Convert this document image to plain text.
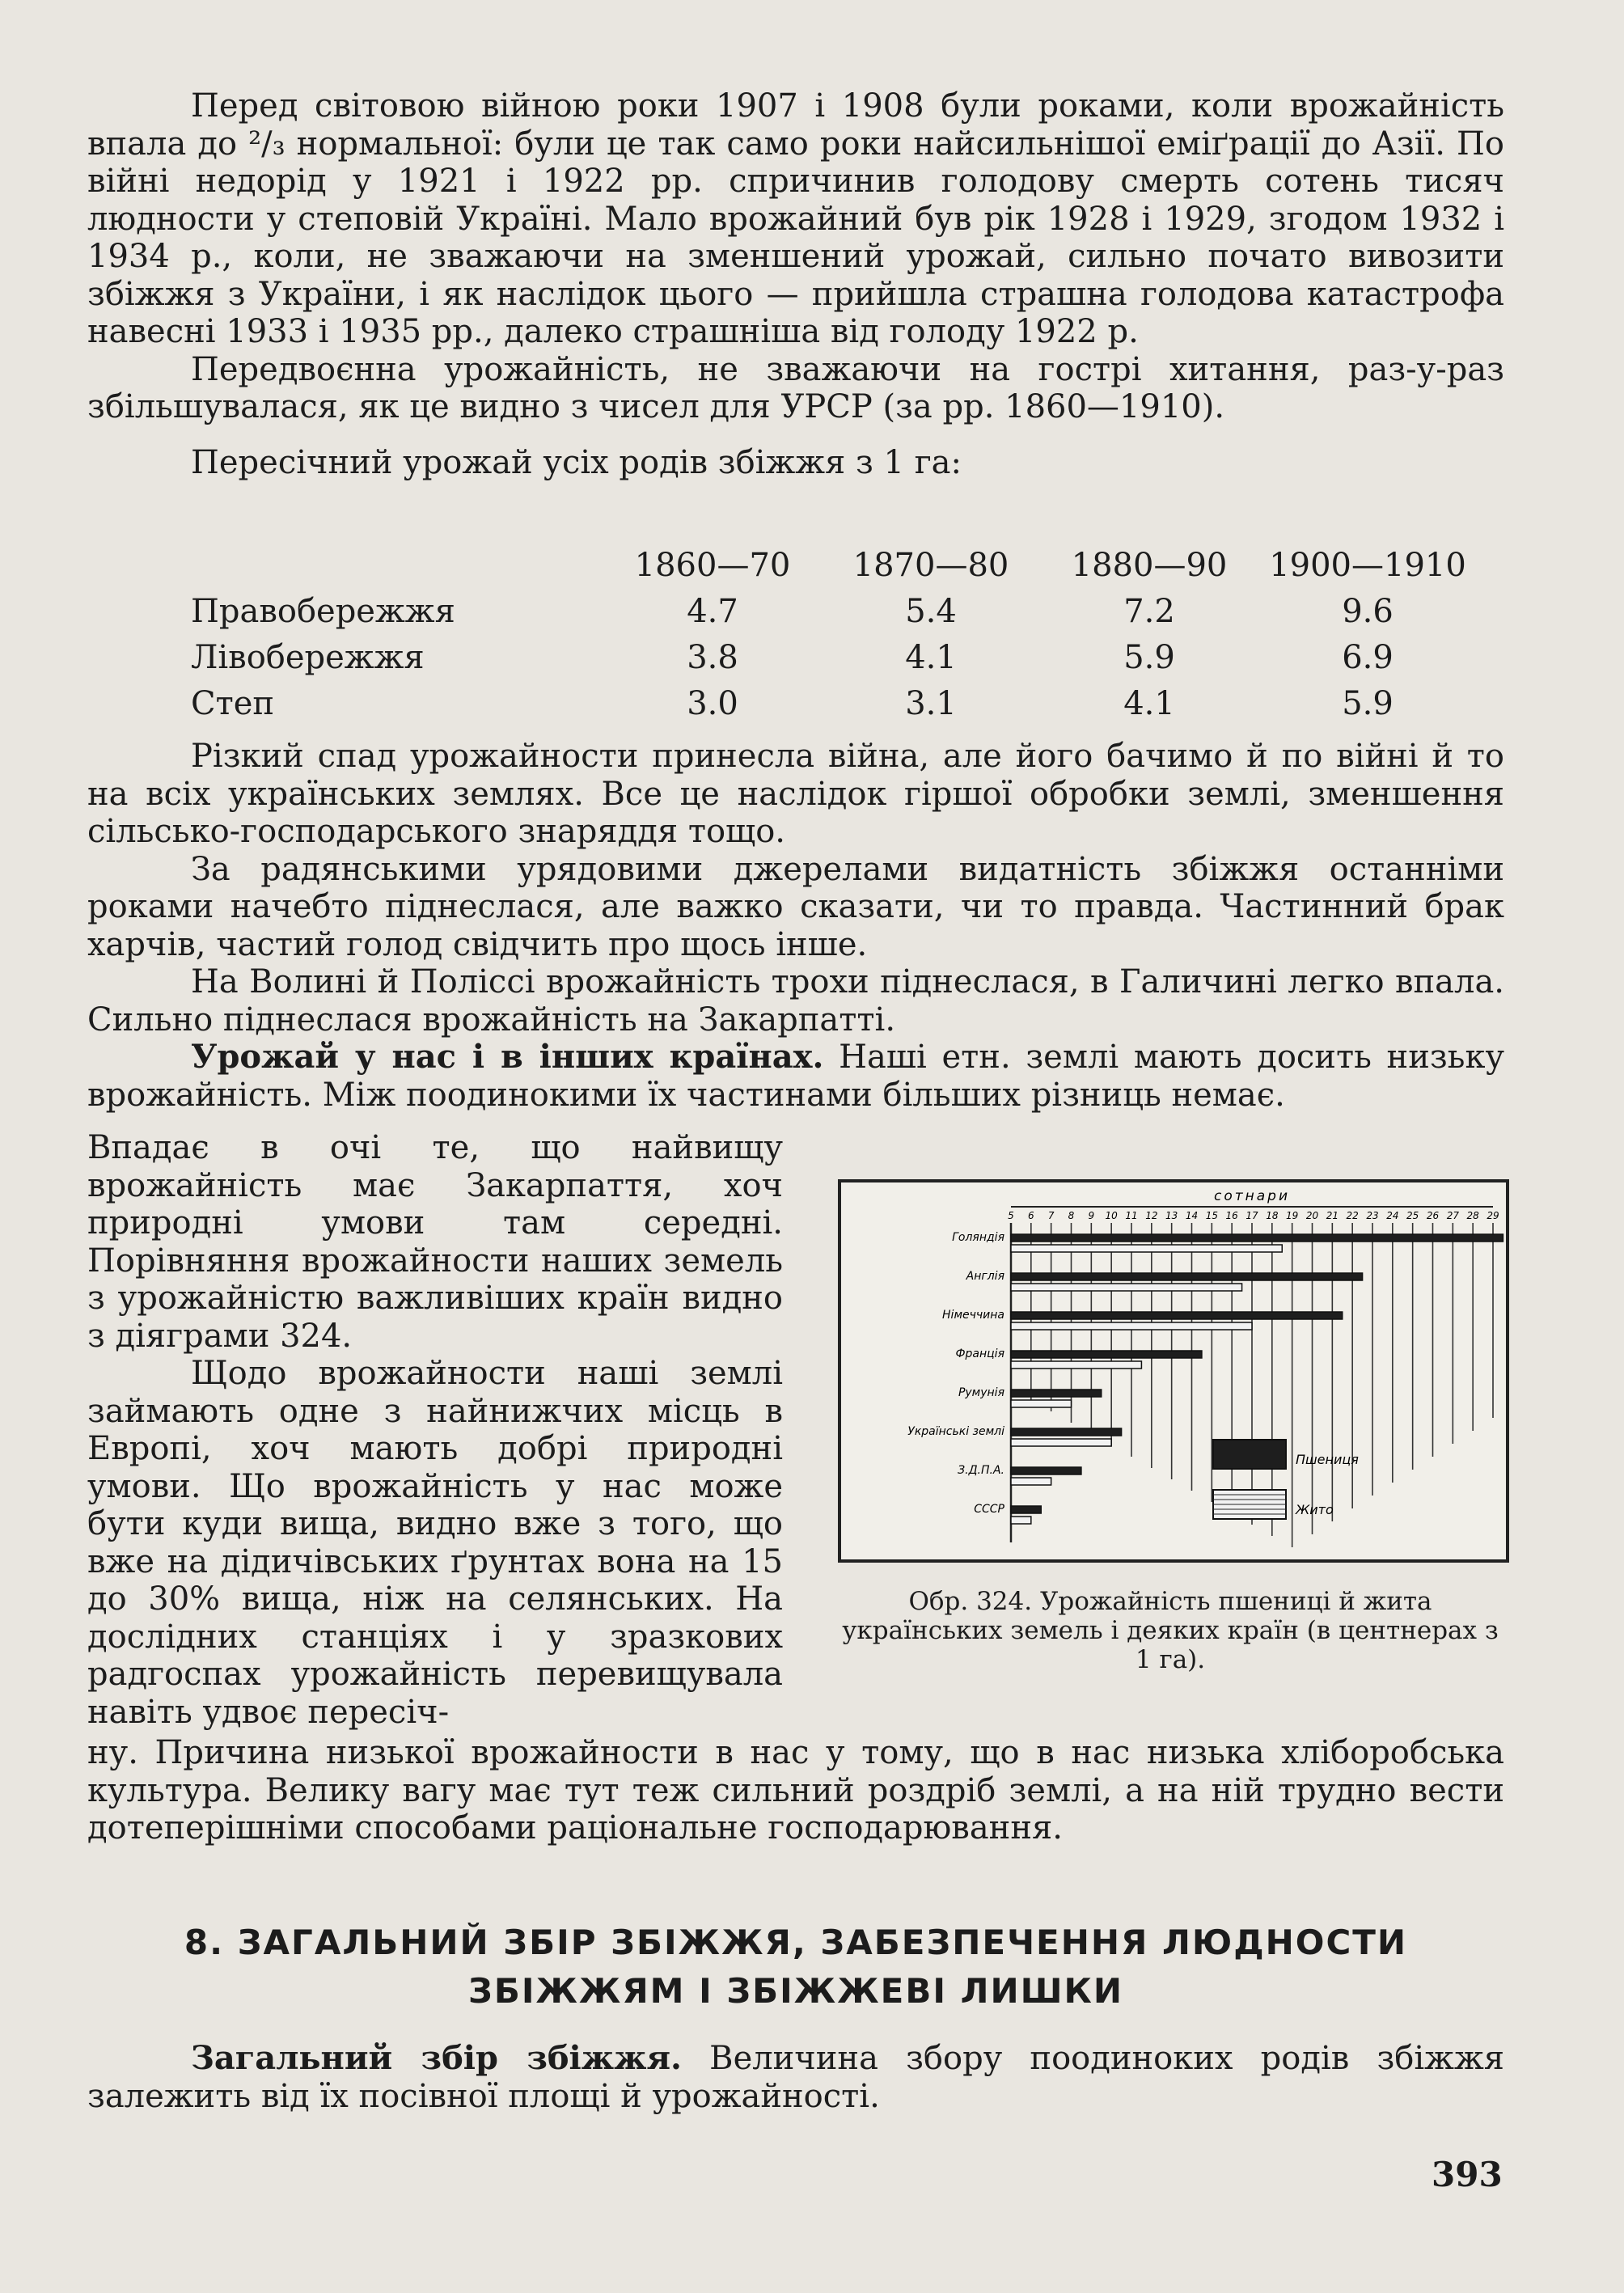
Перед світовою війною роки 1907 і 1908 були роками, коли врожайність впала до ²/₃ нормальної: були це так само роки найсильнішої еміґрації до Азії. По війні недорід у 1921 і 1922 рр. спричинив голодову смерть сотень тисяч людности у степовій Україні. Мало врожайний був рік 1928 і 1929, згодом 1932 і 1934 р., коли, не зважаючи на зменшений урожай, сильно почато вивозити збіжжя з України, і як наслідок цього — прийшла страшна голодова катастрофа навесні 1933 і 1935 рр., далеко страшніша від голоду 1922 р.

Передвоєнна урожайність, не зважаючи на гострі хитання, раз-у-раз збільшувалася, як це видно з чисел для УРСР (за рр. 1860—1910).

Пересічний урожай усіх родів збіжжя з 1 га:

	1860—70	1870—80	1880—90	1900—1910
Правобережжя	4.7	5.4	7.2	9.6
Лівобережжя	3.8	4.1	5.9	6.9
Степ	3.0	3.1	4.1	5.9

Різкий спад урожайности принесла війна, але його бачимо й по війні й то на всіх українських землях. Все це наслідок гіршої обробки землі, зменшення сільсько-господарського знаряддя тощо.

За радянськими урядовими джерелами видатність збіжжя останніми роками начебто піднеслася, але важко сказати, чи то правда. Частинний брак харчів, частий голод свідчить про щось інше.

На Волині й Поліссі врожайність трохи піднеслася, в Галичині легко впала. Сильно піднеслася врожайність на Закарпатті.

Урожай у нас і в інших країнах. Наші етн. землі мають досить низьку врожайність. Між поодинокими їх частинами більших різниць немає.

Впадає в очі те, що найвищу врожайність має Закарпаття, хоч природні умови там середні. Порівняння врожайности наших земель з урожайністю важливіших країн видно з діяграми 324.

Щодо врожайности наші землі займають одне з найнижчих місць в Европі, хоч мають добрі природні умови. Що врожайність у нас може бути куди вища, видно вже з того, що вже на дідичівських ґрунтах вона на 15 до 30% вища, ніж на селянських. На дослідних станціях і у зразкових радгоспах урожайність перевищувала навіть удвоє пересіч-

сотнари
5 6 7 8 9 10 11 12 13 14 15 16 17 18 19 20 21 22 23 24 25 26 27 28 29
Голяндія
Англія
Німеччина
Франція
Румунія
Українські землі
З.Д.П.А.
СССР
Пшениця
Жито
Обр. 324. Урожайність пшениці й жита українських земель і деяких країн (в центнерах з 1 га).

ну. Причина низької врожайности в нас у тому, що в нас низька хліборобська культура. Велику вагу має тут теж сильний роздріб землі, а на ній трудно вести дотеперішніми способами раціональне господарювання.

8. ЗАГАЛЬНИЙ ЗБІР ЗБІЖЖЯ, ЗАБЕЗПЕЧЕННЯ ЛЮДНОСТИ
ЗБІЖЖЯМ І ЗБІЖЖЕВІ ЛИШКИ

Загальний збір збіжжя. Величина збору поодиноких родів збіжжя залежить від їх посівної площі й урожайності.

393
